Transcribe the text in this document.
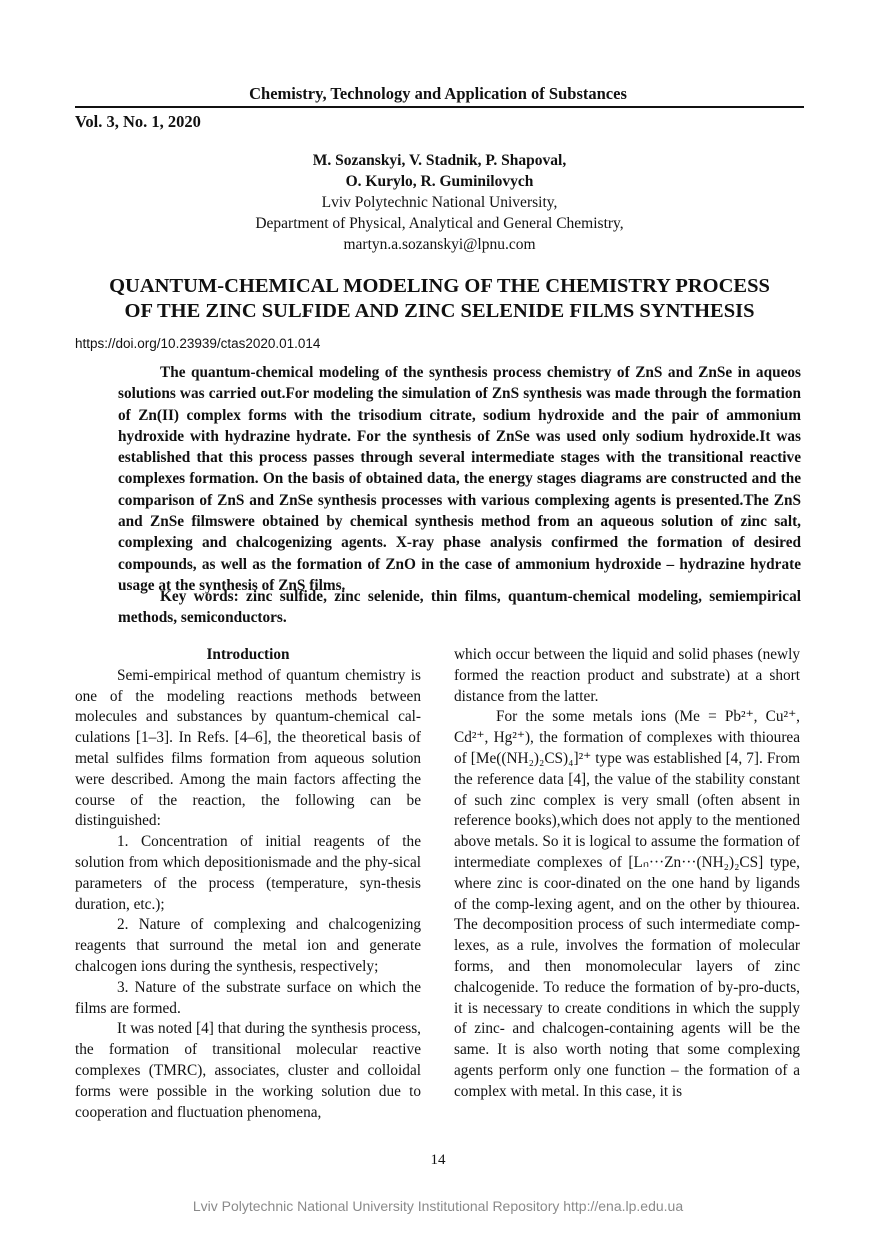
Chemistry, Technology and Application of Substances
Vol. 3, No. 1, 2020
M. Sozanskyi, V. Stadnik, P. Shapoval,
O. Kurylo, R. Guminilovych
Lviv Polytechnic National University,
Department of Physical, Analytical and General Chemistry,
martyn.a.sozanskyi@lpnu.com
QUANTUM-CHEMICAL MODELING OF THE CHEMISTRY PROCESS
OF THE ZINC SULFIDE AND ZINC SELENIDE FILMS SYNTHESIS
https://doi.org/10.23939/ctas2020.01.014

The quantum-chemical modeling of the synthesis process chemistry of ZnS and ZnSe in aqueos solutions was carried out.For modeling the simulation of ZnS synthesis was made through the formation of Zn(II) complex forms with the trisodium citrate, sodium hydroxide and the pair of ammonium hydroxide with hydrazine hydrate. For the synthesis of ZnSe was used only sodium hydroxide.It was established that this process passes through several intermediate stages with the transitional reactive complexes formation. On the basis of obtained data, the energy stages diagrams are constructed and the comparison of ZnS and ZnSe synthesis processes with various complexing agents is presented.The ZnS and ZnSe filmswere obtained by chemical synthesis method from an aqueous solution of zinc salt, complexing and chalcogenizing agents. X-ray phase analysis confirmed the formation of desired compounds, as well as the formation of ZnO in the case of ammonium hydroxide – hydrazine hydrate usage at the synthesis of ZnS films.

Key words: zinc sulfide, zinc selenide, thin films, quantum-chemical modeling, semiempirical methods, semiconductors.
Introduction

Semi-empirical method of quantum chemistry is one of the modeling reactions methods between molecules and substances by quantum-chemical cal-culations [1–3]. In Refs. [4–6], the theoretical basis of metal sulfides films formation from aqueous solution were described. Among the main factors affecting the course of the reaction, the following can be distinguished:

1. Concentration of initial reagents of the solution from which depositionismade and the phy-sical parameters of the process (temperature, syn-thesis duration, etc.);

2. Nature of complexing and chalcogenizing reagents that surround the metal ion and generate chalcogen ions during the synthesis, respectively;

3. Nature of the substrate surface on which the films are formed.

It was noted [4] that during the synthesis process, the formation of transitional molecular reactive complexes (TMRC), associates, cluster and colloidal forms were possible in the working solution due to cooperation and fluctuation phenomena,

which occur between the liquid and solid phases (newly formed the reaction product and substrate) at a short distance from the latter.

For the some metals ions (Me = Pb²⁺, Cu²⁺, Cd²⁺, Hg²⁺), the formation of complexes with thiourea of [Me((NH₂)₂CS)₄]²⁺ type was established [4, 7]. From the reference data [4], the value of the stability constant of such zinc complex is very small (often absent in reference books),which does not apply to the mentioned above metals. So it is logical to assume the formation of intermediate complexes of [Lₙ···Zn···(NH₂)₂CS] type, where zinc is coor-dinated on the one hand by ligands of the comp-lexing agent, and on the other by thiourea. The decomposition process of such intermediate comp-lexes, as a rule, involves the formation of molecular forms, and then monomolecular layers of zinc chalcogenide. To reduce the formation of by-pro-ducts, it is necessary to create conditions in which the supply of zinc- and chalcogen-containing agents will be the same. It is also worth noting that some complexing agents perform only one function – the formation of a complex with metal. In this case, it is

14
Lviv Polytechnic National University Institutional Repository http://ena.lp.edu.ua
